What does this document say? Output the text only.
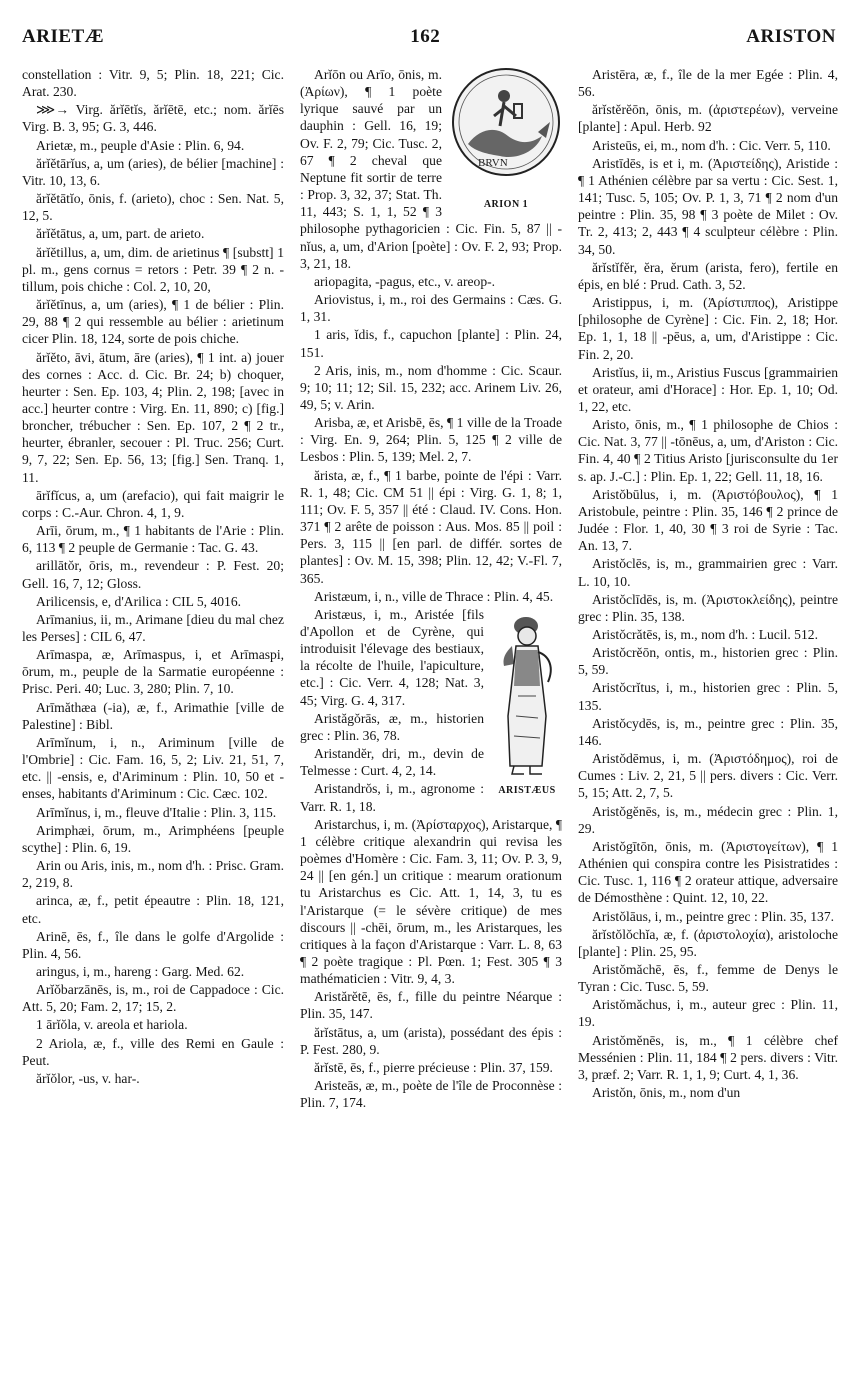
ARIETÆ	162	ARISTON

constellation : Vitr. 9, 5; Plin. 18, 221; Cic. Arat. 230.

⋙→ Virg. ărĭētĭs, ărĭētē, etc.; nom. ărĭēs Virg. B. 3, 95; G. 3, 446.

Arietæ, m., peuple d'Asie : Plin. 6, 94.

ărĭĕtārĭus, a, um (aries), de bélier [machine] : Vitr. 10, 13, 6.

ărĭĕtātĭo, ōnis, f. (arieto), choc : Sen. Nat. 5, 12, 5.

ărĭĕtātus, a, um, part. de arieto.

ărĭĕtillus, a, um, dim. de arietinus ¶ [substt] 1 pl. m., gens cornus = retors : Petr. 39 ¶ 2 n. -tillum, pois chiche : Col. 2, 10, 20,

ărĭĕtīnus, a, um (aries), ¶ 1 de bélier : Plin. 29, 88 ¶ 2 qui ressemble au bélier : arietinum cicer Plin. 18, 124, sorte de pois chiche.

ărĭĕto, āvi, ātum, āre (aries), ¶ 1 int. a) jouer des cornes : Acc. d. Cic. Br. 24; b) choquer, heurter : Sen. Ep. 103, 4; Plin. 2, 198; [avec in acc.] heurter contre : Virg. En. 11, 890; c) [fig.] broncher, trébucher : Sen. Ep. 107, 2 ¶ 2 tr., heurter, ébranler, secouer : Pl. Truc. 256; Curt. 9, 7, 22; Sen. Ep. 56, 13; [fig.] Sen. Tranq. 1, 11.

ārĭfĭcus, a, um (arefacio), qui fait maigrir le corps : C.-Aur. Chron. 4, 1, 9.

Arīi, ōrum, m., ¶ 1 habitants de l'Arie : Plin. 6, 113 ¶ 2 peuple de Germanie : Tac. G. 43.

arillātŏr, ōris, m., revendeur : P. Fest. 20; Gell. 16, 7, 12; Gloss.

Arilicensis, e, d'Arilica : CIL 5, 4016.

Arīmanius, ii, m., Arimane [dieu du mal chez les Perses] : CIL 6, 47.

Arīmaspa, æ, Arīmaspus, i, et Arīmaspi, ōrum, m., peuple de la Sarmatie européenne : Prisc. Peri. 40; Luc. 3, 280; Plin. 7, 10.

Arīmăthæa (-ia), æ, f., Arimathie [ville de Palestine] : Bibl.

Arīmĭnum, i, n., Ariminum [ville de l'Ombrie] : Cic. Fam. 16, 5, 2; Liv. 21, 51, 7, etc. || -ensis, e, d'Ariminum : Plin. 10, 50 et -enses, habitants d'Ariminum : Cic. Cæc. 102.

Arīmĭnus, i, m., fleuve d'Italie : Plin. 3, 115.

Arimphæi, ōrum, m., Arimphéens [peuple scythe] : Plin. 6, 19.

Arin ou Aris, inis, m., nom d'h. : Prisc. Gram. 2, 219, 8.

arinca, æ, f., petit épeautre : Plin. 18, 121, etc.

Arinē, ēs, f., île dans le golfe d'Argolide : Plin. 4, 56.

aringus, i, m., hareng : Garg. Med. 62.

Arĭŏbarzānēs, is, m., roi de Cappadoce : Cic. Att. 5, 20; Fam. 2, 17; 15, 2.

1 ārĭŏla, v. areola et hariola.

2 Ariola, æ, f., ville des Remi en Gaule : Peut.

ărĭŏlor, -us, v. har-.

BRVN
ARION 1

Arĭōn ou Arīo, ōnis, m. (Ἀρίων), ¶ 1 poète lyrique sauvé par un dauphin : Gell. 16, 19; Ov. F. 2, 79; Cic. Tusc. 2, 67 ¶ 2 cheval que Neptune fit sortir de terre : Prop. 3, 32, 37; Stat. Th. 11, 443; S. 1, 1, 52 ¶ 3 philosophe pythagoricien : Cic. Fin. 5, 87 || -nĭus, a, um, d'Arion [poète] : Ov. F. 2, 93; Prop. 3, 21, 18.

ariopagita, -pagus, etc., v. areop-.

Ariovistus, i, m., roi des Germains : Cæs. G. 1, 31.

1 aris, ĭdis, f., capuchon [plante] : Plin. 24, 151.

2 Aris, inis, m., nom d'homme : Cic. Scaur. 9; 10; 11; 12; Sil. 15, 232; acc. Arinem Liv. 26, 49, 5; v. Arin.

Arisba, æ, et Arisbē, ēs, ¶ 1 ville de la Troade : Virg. En. 9, 264; Plin. 5, 125 ¶ 2 ville de Lesbos : Plin. 5, 139; Mel. 2, 7.

ărista, æ, f., ¶ 1 barbe, pointe de l'épi : Varr. R. 1, 48; Cic. CM 51 || épi : Virg. G. 1, 8; 1, 111; Ov. F. 5, 357 || été : Claud. IV. Cons. Hon. 371 ¶ 2 arête de poisson : Aus. Mos. 85 || poil : Pers. 3, 115 || [en parl. de différ. sortes de plantes] : Ov. M. 15, 398; Plin. 12, 42; V.-Fl. 7, 365.

Aristæum, i, n., ville de Thrace : Plin. 4, 45.

ARISTÆUS

Aristæus, i, m., Aristée [fils d'Apollon et de Cyrène, qui introduisit l'élevage des bestiaux, la récolte de l'huile, l'apiculture, etc.] : Cic. Verr. 4, 128; Nat. 3, 45; Virg. G. 4, 317.

Aristăgŏrās, æ, m., historien grec : Plin. 36, 78.

Aristandĕr, dri, m., devin de Telmesse : Curt. 4, 2, 14.

Aristandrŏs, i, m., agronome : Varr. R. 1, 18.

Aristarchus, i, m. (Ἀρίσταρχος), Aristarque, ¶ 1 célèbre critique alexandrin qui revisa les poèmes d'Homère : Cic. Fam. 3, 11; Ov. P. 3, 9, 24 || [en gén.] un critique : mearum orationum tu Aristarchus es Cic. Att. 1, 14, 3, tu es l'Aristarque (= le sévère critique) de mes discours || -chēi, ōrum, m., les Aristarques, les critiques à la façon d'Aristarque : Varr. L. 8, 63 ¶ 2 poète tragique : Pl. Pœn. 1; Fest. 305 ¶ 3 mathématicien : Vitr. 9, 4, 3.

Aristărĕtē, ēs, f., fille du peintre Néarque : Plin. 35, 147.

ărĭstātus, a, um (arista), possédant des épis : P. Fest. 280, 9.

ărĭstē, ēs, f., pierre précieuse : Plin. 37, 159.

Aristeās, æ, m., poète de l'île de Proconnèse : Plin. 7, 174.

Aristēra, æ, f., île de la mer Egée : Plin. 4, 56.

ărĭstĕrĕōn, ōnis, m. (ἀριστερέων), verveine [plante] : Apul. Herb. 92

Aristeūs, ei, m., nom d'h. : Cic. Verr. 5, 110.

Aristīdēs, is et i, m. (Ἀριστείδης), Aristide : ¶ 1 Athénien célèbre par sa vertu : Cic. Sest. 1, 141; Tusc. 5, 105; Ov. P. 1, 3, 71 ¶ 2 nom d'un peintre : Plin. 35, 98 ¶ 3 poète de Milet : Ov. Tr. 2, 413; 2, 443 ¶ 4 sculpteur célèbre : Plin. 34, 50.

ărĭstĭfĕr, ĕra, ĕrum (arista, fero), fertile en épis, en blé : Prud. Cath. 3, 52.

Aristippus, i, m. (Ἀρίστιππος), Aristippe [philosophe de Cyrène] : Cic. Fin. 2, 18; Hor. Ep. 1, 1, 18 || -pēus, a, um, d'Aristippe : Cic. Fin. 2, 20.

Aristĭus, ii, m., Aristius Fuscus [grammairien et orateur, ami d'Horace] : Hor. Ep. 1, 10; Od. 1, 22, etc.

Aristo, ōnis, m., ¶ 1 philosophe de Chios : Cic. Nat. 3, 77 || -tōnēus, a, um, d'Ariston : Cic. Fin. 4, 40 ¶ 2 Titius Aristo [jurisconsulte du 1er s. ap. J.-C.] : Plin. Ep. 1, 22; Gell. 11, 18, 16.

Aristŏbūlus, i, m. (Ἀριστόβουλος), ¶ 1 Aristobule, peintre : Plin. 35, 146 ¶ 2 prince de Judée : Flor. 1, 40, 30 ¶ 3 roi de Syrie : Tac. An. 13, 7.

Aristŏclēs, is, m., grammairien grec : Varr. L. 10, 10.

Aristŏclīdēs, is, m. (Ἀριστοκλείδης), peintre grec : Plin. 35, 138.

Aristŏcrătēs, is, m., nom d'h. : Lucil. 512.

Aristŏcrĕōn, ontis, m., historien grec : Plin. 5, 59.

Aristŏcrĭtus, i, m., historien grec : Plin. 5, 135.

Aristŏcydēs, is, m., peintre grec : Plin. 35, 146.

Aristŏdēmus, i, m. (Ἀριστόδημος), roi de Cumes : Liv. 2, 21, 5 || pers. divers : Cic. Verr. 5, 15; Att. 2, 7, 5.

Aristŏgĕnēs, is, m., médecin grec : Plin. 1, 29.

Aristŏgītōn, ōnis, m. (Ἀριστογείτων), ¶ 1 Athénien qui conspira contre les Pisistratides : Cic. Tusc. 1, 116 ¶ 2 orateur attique, adversaire de Démosthène : Quint. 12, 10, 22.

Aristŏlāus, i, m., peintre grec : Plin. 35, 137.

ărĭstŏlŏchĭa, æ, f. (ἀριστολοχία), aristoloche [plante] : Plin. 25, 95.

Aristŏmăchē, ēs, f., femme de Denys le Tyran : Cic. Tusc. 5, 59.

Aristŏmăchus, i, m., auteur grec : Plin. 11, 19.

Aristŏmĕnēs, is, m., ¶ 1 célèbre chef Messénien : Plin. 11, 184 ¶ 2 pers. divers : Vitr. 3, præf. 2; Varr. R. 1, 1, 9; Curt. 4, 1, 36.

Aristŏn, ōnis, m., nom d'un
